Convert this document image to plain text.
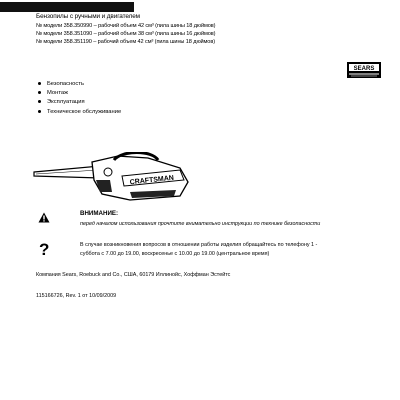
Бензопилы с ручными и двигателем
№ модели 358.350990 – рабочий объем 42 см³ (пила шины 18 дюймов)
№ модели 358.351090 – рабочий объем 38 см³ (пила шины 16 дюймов)
№ модели 358.351190 – рабочий объем 42 см³ (пила шины 18 дюймов)
SEARS
Безопасность
Монтаж
Эксплуатация
Техническое обслуживание
CRAFTSMAN
ВНИМАНИЕ:
перед началом использования прочтите внимательно инструкции по технике безопасности
?	В случае возникновения вопросов в отношении работы изделия обращайтесь по телефону 1 -
суббота с 7.00 до 19.00, воскресенье с 10.00 до 19.00 (центральное время)
Компания Sears, Roebuck and Co., США, 60179 Иллинойс, Хоффман Эстейтс
115166726, Rev. 1 от 10/09/2009
